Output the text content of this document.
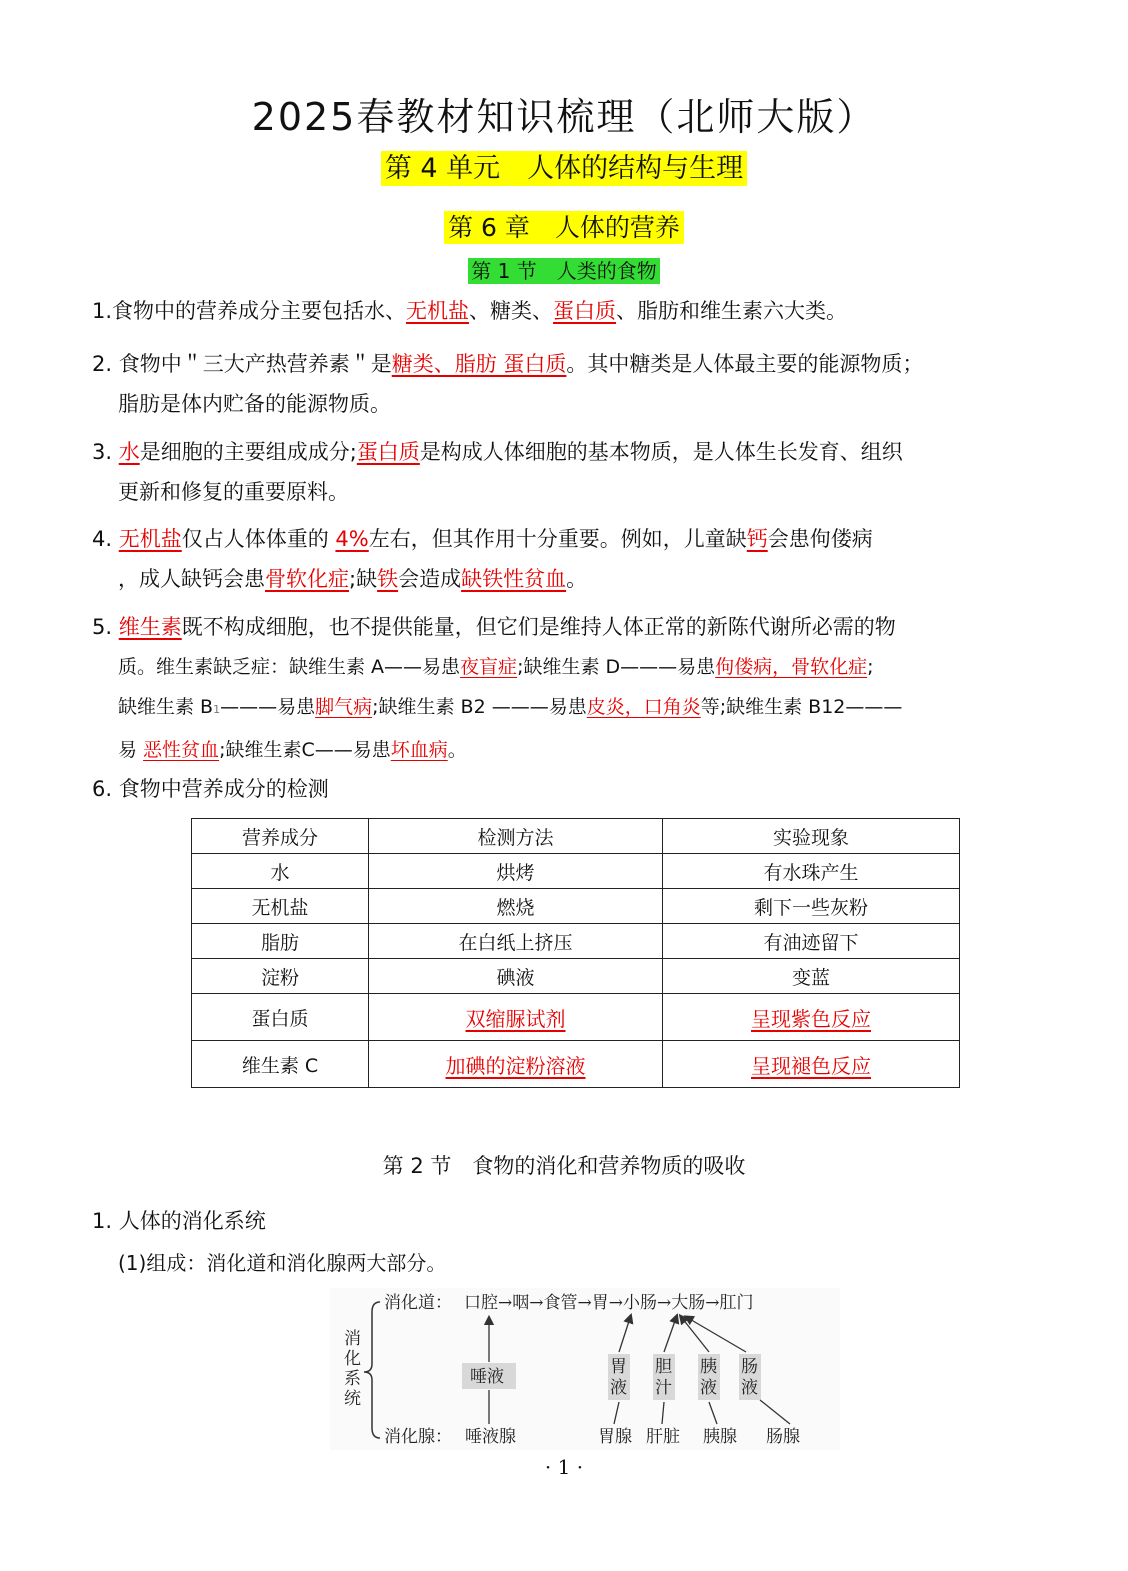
2025春教材知识梳理（北师大版）
第 4 单元　人体的结构与生理
第 6 章　人体的营养
第 1 节　人类的食物
1.食物中的营养成分主要包括水、无机盐、糖类、蛋白质、脂肪和维生素六大类。
2. 食物中＂三大产热营养素＂是糖类、脂肪 蛋白质。其中糖类是人体最主要的能源物质；
脂肪是体内贮备的能源物质。
3. 水是细胞的主要组成成分;蛋白质是构成人体细胞的基本物质，是人体生长发育、组织
更新和修复的重要原料。
4. 无机盐仅占人体体重的 4%左右，但其作用十分重要。例如，儿童缺钙会患佝偻病
，成人缺钙会患骨软化症;缺铁会造成缺铁性贫血。
5. 维生素既不构成细胞，也不提供能量，但它们是维持人体正常的新陈代谢所必需的物
质。维生素缺乏症：缺维生素 A——易患夜盲症;缺维生素 D———易患佝偻病，骨软化症;
缺维生素 B1———易患脚气病;缺维生素 B2 ———易患皮炎，口角炎等;缺维生素 B12———
易 恶性贫血;缺维生素C——易患坏血病。
6. 食物中营养成分的检测
营养成分	检测方法	实验现象
水	烘烤	有水珠产生
无机盐	燃烧	剩下一些灰粉
脂肪	在白纸上挤压	有油迹留下
淀粉	碘液	变蓝
蛋白质	双缩脲试剂	呈现紫色反应
维生素 C	加碘的淀粉溶液	呈现褪色反应
第 2 节　食物的消化和营养物质的吸收
1. 人体的消化系统
(1)组成：消化道和消化腺两大部分。
消
化
系
统
消化道： 口腔→咽→食管→胃→小肠→大肠→肛门
消化腺： 唾液腺	胃腺 肝脏 胰腺 肠腺
唾液	胃液
胆汁
胰液
肠液
· 1 ·
